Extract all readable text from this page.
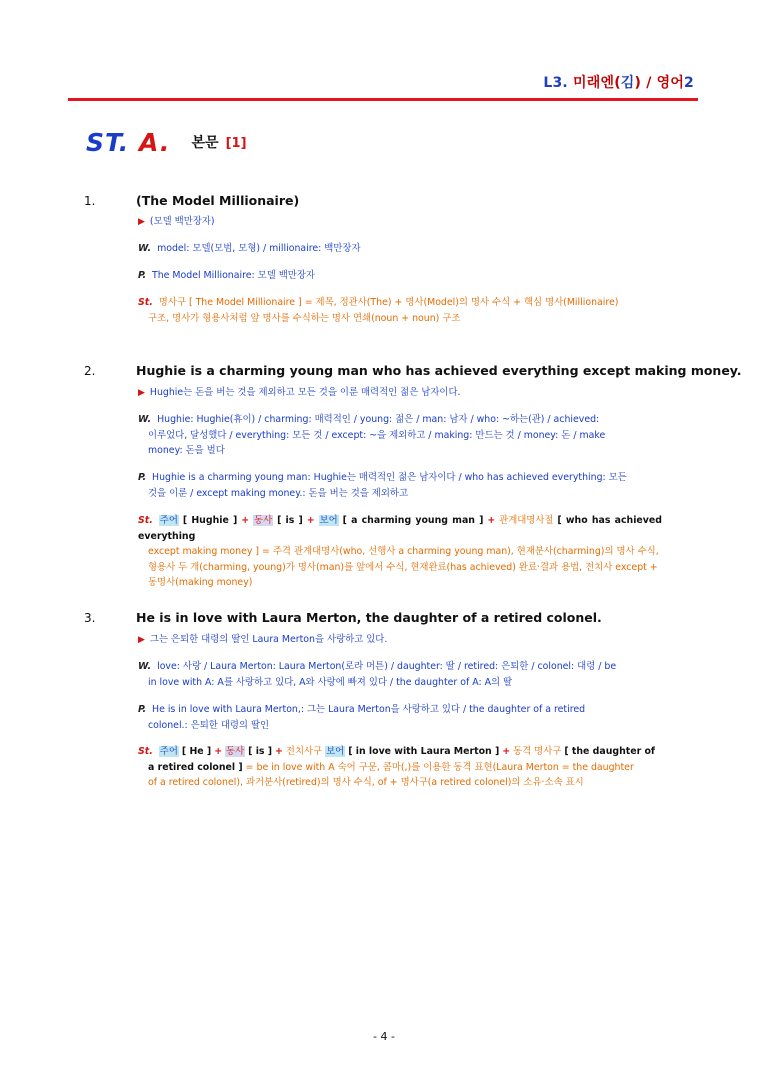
L3. 미래엔(김) / 영어2
ST. A. 본문 [1]
1.	(The Model Millionaire)
▶ (모델 백만장자)
W. model: 모델(모범, 모형) / millionaire: 백만장자
P. The Model Millionaire: 모델 백만장자
St. 명사구 [ The Model Millionaire ] = 제목, 정관사(The) + 명사(Model)의 명사 수식 + 핵심 명사(Millionaire)
구조, 명사가 형용사처럼 앞 명사를 수식하는 명사 연쇄(noun + noun) 구조
2.	Hughie is a charming young man who has achieved everything except making money.
▶ Hughie는 돈을 버는 것을 제외하고 모든 것을 이룬 매력적인 젊은 남자이다.
W. Hughie: Hughie(휴이) / charming: 매력적인 / young: 젊은 / man: 남자 / who: ~하는(관) / achieved:
이루었다, 달성했다 / everything: 모든 것 / except: ~을 제외하고 / making: 만드는 것 / money: 돈 / make
money: 돈을 벌다
P. Hughie is a charming young man: Hughie는 매력적인 젊은 남자이다 / who has achieved everything: 모든
것을 이룬 / except making money.: 돈을 버는 것을 제외하고
St. 주어 [ Hughie ] + 동사 [ is ] + 보어 [ a charming young man ] + 관계대명사절 [ who has achieved everything
except making money ] = 주격 관계대명사(who, 선행사 a charming young man), 현재분사(charming)의 명사 수식,
형용사 두 개(charming, young)가 명사(man)를 앞에서 수식, 현재완료(has achieved) 완료·결과 용법, 전치사 except +
동명사(making money)
3.	He is in love with Laura Merton, the daughter of a retired colonel.
▶ 그는 은퇴한 대령의 딸인 Laura Merton을 사랑하고 있다.
W. love: 사랑 / Laura Merton: Laura Merton(로라 머튼) / daughter: 딸 / retired: 은퇴한 / colonel: 대령 / be
in love with A: A를 사랑하고 있다, A와 사랑에 빠져 있다 / the daughter of A: A의 딸
P. He is in love with Laura Merton,: 그는 Laura Merton을 사랑하고 있다 / the daughter of a retired
colonel.: 은퇴한 대령의 딸인
St. 주어 [ He ] + 동사 [ is ] + 전치사구 보어 [ in love with Laura Merton ] + 동격 명사구 [ the daughter of
a retired colonel ] = be in love with A 숙어 구문, 콤마(,)를 이용한 동격 표현(Laura Merton = the daughter
of a retired colonel), 과거분사(retired)의 명사 수식, of + 명사구(a retired colonel)의 소유·소속 표시
- 4 -
